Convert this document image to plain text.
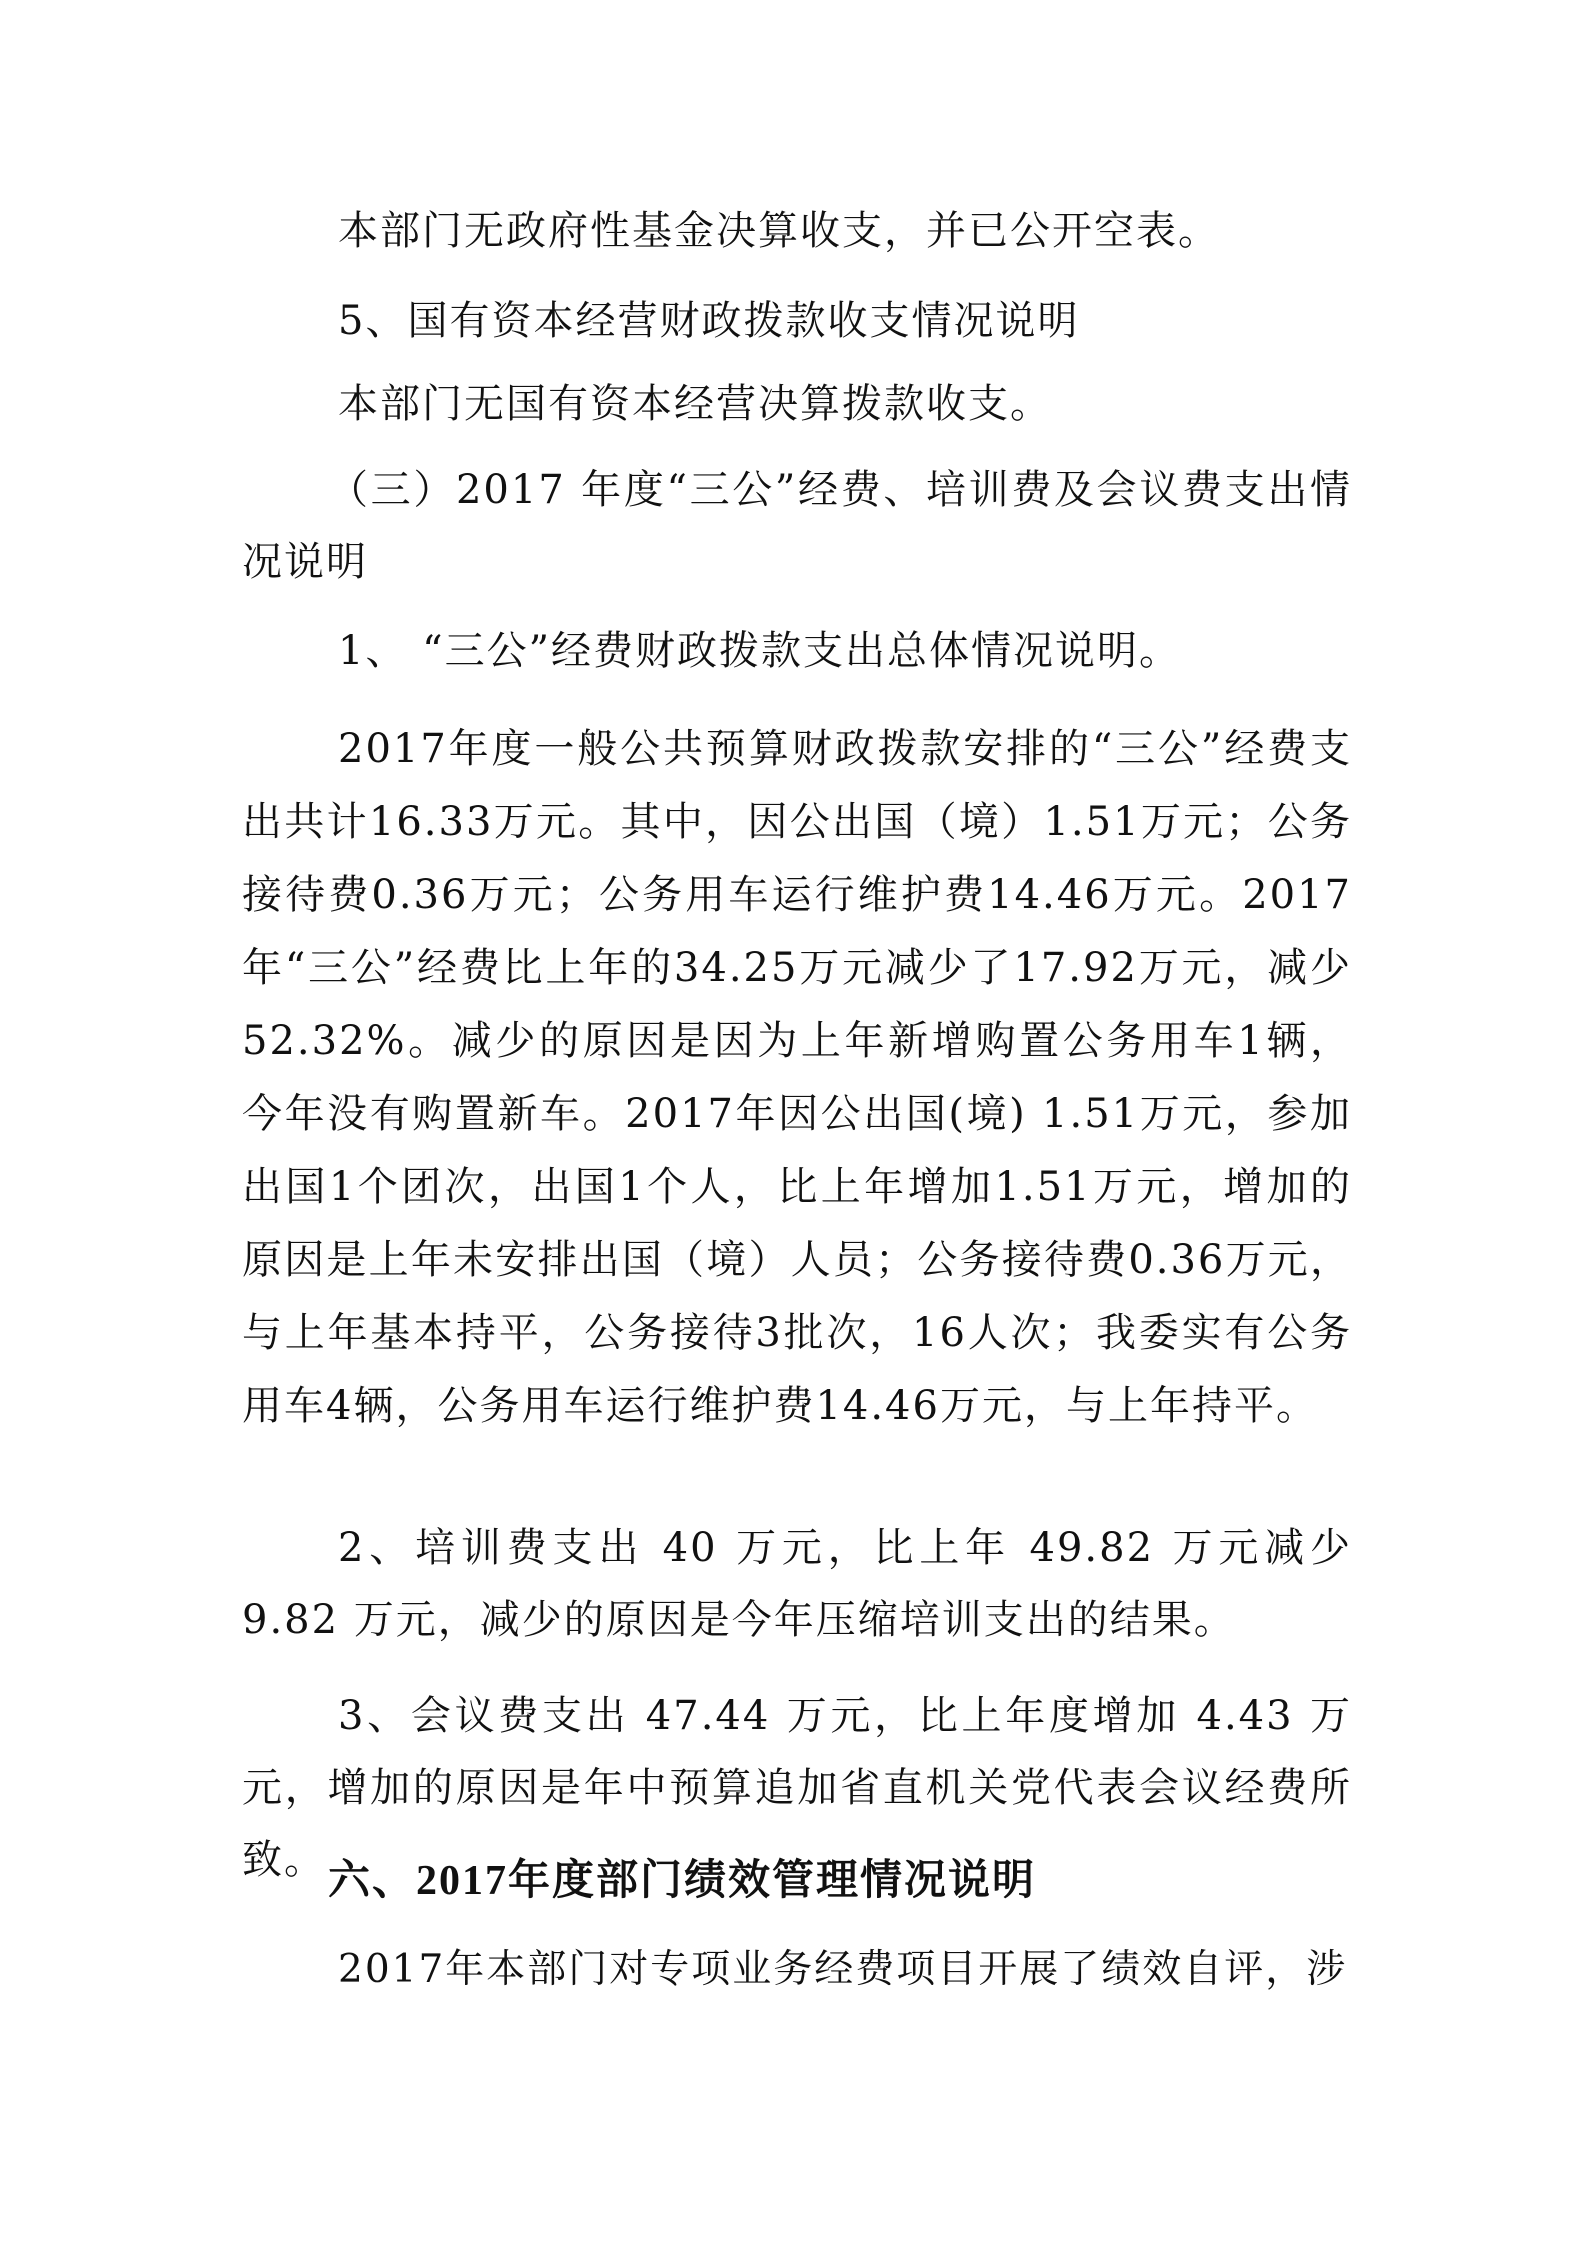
本部门无政府性基金决算收支，并已公开空表。

5、国有资本经营财政拨款收支情况说明

本部门无国有资本经营决算拨款收支。

（三）2017 年度“三公”经费、培训费及会议费支出情况说明

1、 “三公”经费财政拨款支出总体情况说明。

2017年度一般公共预算财政拨款安排的“三公”经费支出共计16.33万元。其中，因公出国（境）1.51万元；公务接待费0.36万元；公务用车运行维护费14.46万元。2017年“三公”经费比上年的34.25万元减少了17.92万元，减少52.32%。减少的原因是因为上年新增购置公务用车1辆，今年没有购置新车。2017年因公出国(境) 1.51万元，参加出国1个团次，出国1个人，比上年增加1.51万元，增加的原因是上年未安排出国（境）人员；公务接待费0.36万元，与上年基本持平，公务接待3批次，16人次；我委实有公务用车4辆，公务用车运行维护费14.46万元，与上年持平。

2、培训费支出 40 万元，比上年 49.82 万元减少 9.82 万元，减少的原因是今年压缩培训支出的结果。

3、会议费支出 47.44 万元，比上年度增加 4.43 万元，增加的原因是年中预算追加省直机关党代表会议经费所致。 六、2017年度部门绩效管理情况说明

2017年本部门对专项业务经费项目开展了绩效自评，涉
